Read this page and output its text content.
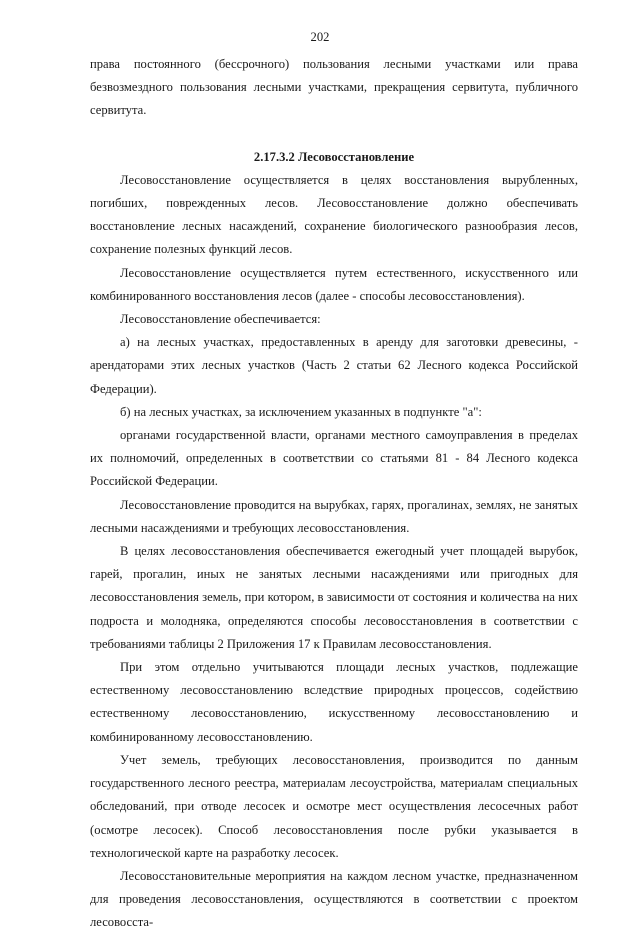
202

права постоянного (бессрочного) пользования лесными участками или права безвозмездного пользования лесными участками, прекращения сервитута, публичного сервитута.

2.17.3.2 Лесовосстановление

Лесовосстановление осуществляется в целях восстановления вырубленных, погибших, поврежденных лесов. Лесовосстановление должно обеспечивать восстановление лесных насаждений, сохранение биологического разнообразия лесов, сохранение полезных функций лесов.

Лесовосстановление осуществляется путем естественного, искусственного или комбинированного восстановления лесов (далее - способы лесовосстановления).

Лесовосстановление обеспечивается:

а) на лесных участках, предоставленных в аренду для заготовки древесины, - арендаторами этих лесных участков (Часть 2 статьи 62 Лесного кодекса Российской Федерации).

б) на лесных участках, за исключением указанных в подпункте "а":

органами государственной власти, органами местного самоуправления в пределах их полномочий, определенных в соответствии со статьями 81 - 84 Лесного кодекса Российской Федерации.

Лесовосстановление проводится на вырубках, гарях, прогалинах, землях, не занятых лесными насаждениями и требующих лесовосстановления.

В целях лесовосстановления обеспечивается ежегодный учет площадей вырубок, гарей, прогалин, иных не занятых лесными насаждениями или пригодных для лесовосстановления земель, при котором, в зависимости от состояния и количества на них подроста и молодняка, определяются способы лесовосстановления в соответствии с требованиями таблицы 2 Приложения 17 к Правилам лесовосстановления.

При этом отдельно учитываются площади лесных участков, подлежащие естественному лесовосстановлению вследствие природных процессов, содействию естественному лесовосстановлению, искусственному лесовосстановлению и комбинированному лесовосстановлению.

Учет земель, требующих лесовосстановления, производится по данным государственного лесного реестра, материалам лесоустройства, материалам специальных обследований, при отводе лесосек и осмотре мест осуществления лесосечных работ (осмотре лесосек). Способ лесовосстановления после рубки указывается в технологической карте на разработку лесосек.

Лесовосстановительные мероприятия на каждом лесном участке, предназначенном для проведения лесовосстановления, осуществляются в соответствии с проектом лесовосста-
